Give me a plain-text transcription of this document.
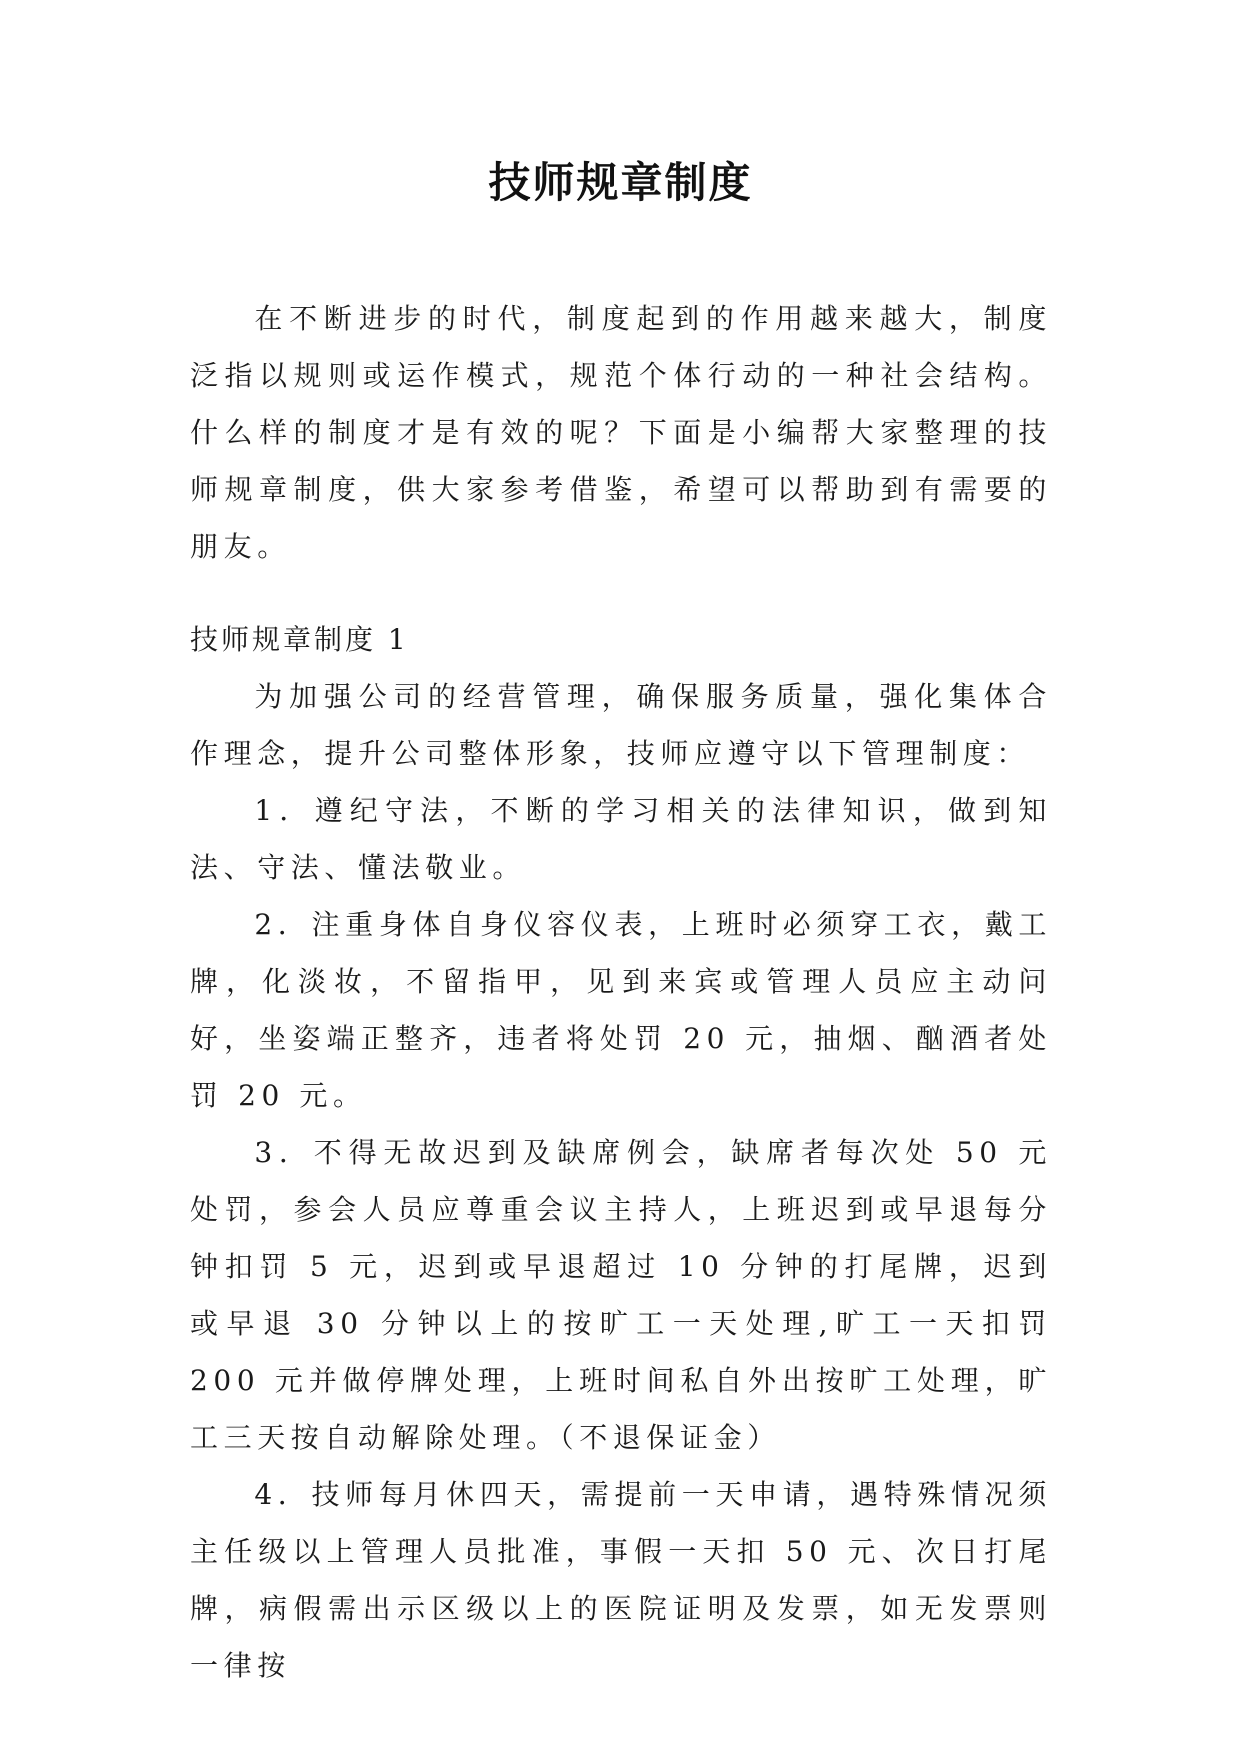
技师规章制度

在不断进步的时代，制度起到的作用越来越大，制度泛指以规则或运作模式，规范个体行动的一种社会结构。什么样的制度才是有效的呢？下面是小编帮大家整理的技师规章制度，供大家参考借鉴，希望可以帮助到有需要的朋友。

技师规章制度 1

为加强公司的经营管理，确保服务质量，强化集体合作理念，提升公司整体形象，技师应遵守以下管理制度：

1．遵纪守法，不断的学习相关的法律知识，做到知法、守法、懂法敬业。

2．注重身体自身仪容仪表，上班时必须穿工衣，戴工牌，化淡妆，不留指甲，见到来宾或管理人员应主动问好，坐姿端正整齐，违者将处罚 20 元，抽烟、酗酒者处罚 20 元。

3．不得无故迟到及缺席例会，缺席者每次处 50 元处罚，参会人员应尊重会议主持人，上班迟到或早退每分钟扣罚 5 元，迟到或早退超过 10 分钟的打尾牌，迟到或早退 30 分钟以上的按旷工一天处理,旷工一天扣罚 200 元并做停牌处理，上班时间私自外出按旷工处理，旷工三天按自动解除处理。（不退保证金）

4．技师每月休四天，需提前一天申请，遇特殊情况须主任级以上管理人员批准，事假一天扣 50 元、次日打尾牌，病假需出示区级以上的医院证明及发票，如无发票则一律按
